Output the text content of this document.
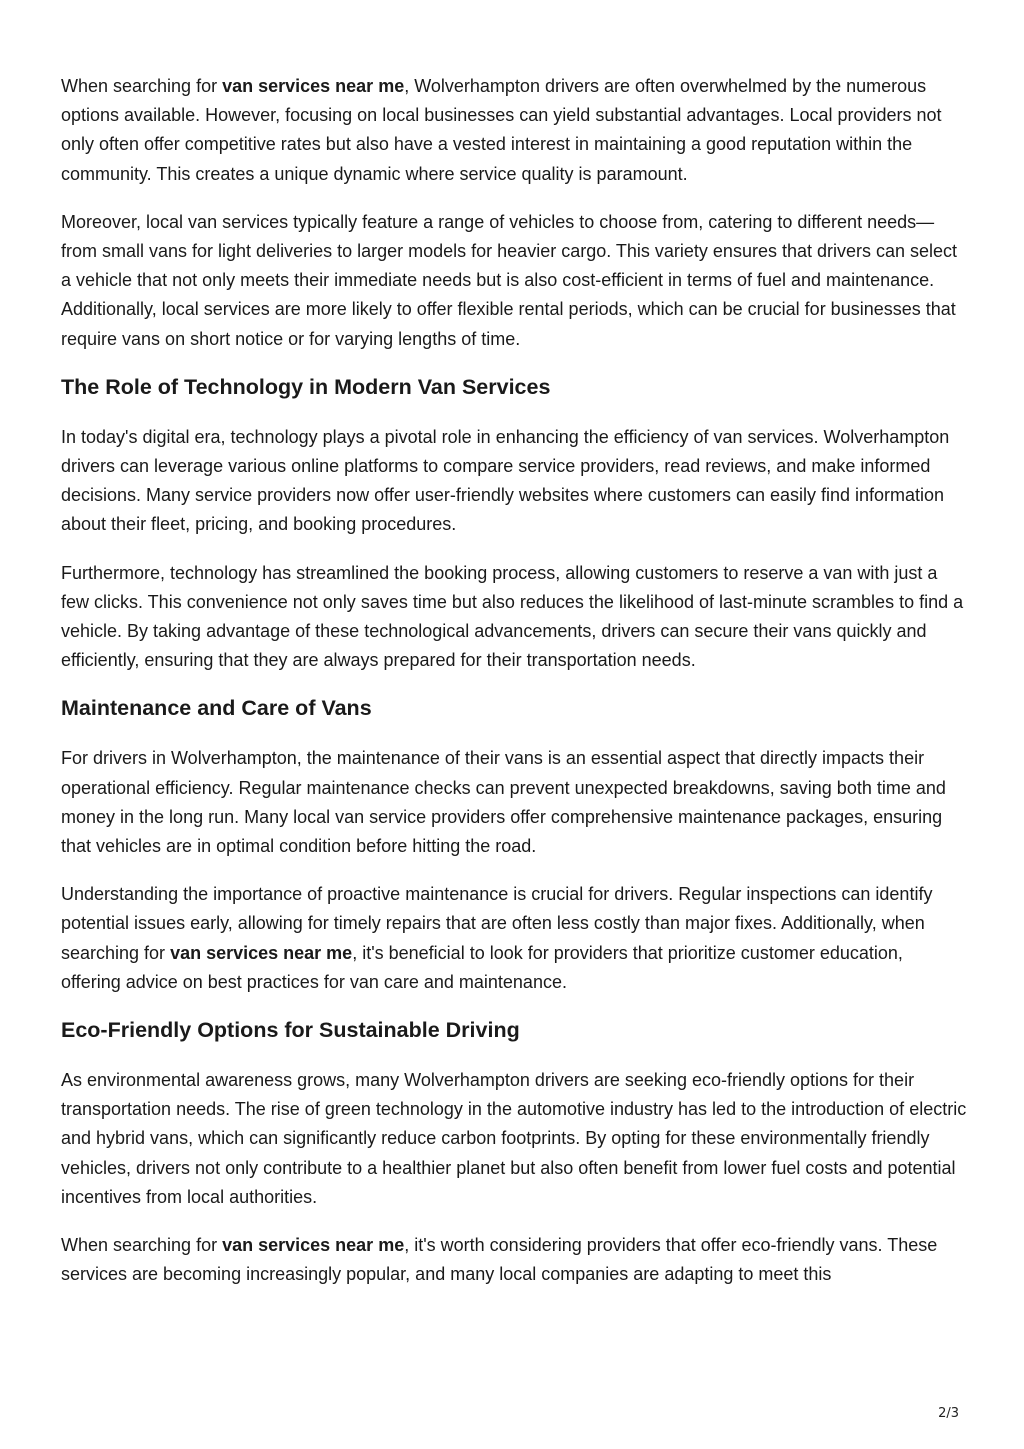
When searching for van services near me, Wolverhampton drivers are often overwhelmed by the numerous options available. However, focusing on local businesses can yield substantial advantages. Local providers not only often offer competitive rates but also have a vested interest in maintaining a good reputation within the community. This creates a unique dynamic where service quality is paramount.

Moreover, local van services typically feature a range of vehicles to choose from, catering to different needs—from small vans for light deliveries to larger models for heavier cargo. This variety ensures that drivers can select a vehicle that not only meets their immediate needs but is also cost-efficient in terms of fuel and maintenance. Additionally, local services are more likely to offer flexible rental periods, which can be crucial for businesses that require vans on short notice or for varying lengths of time.

The Role of Technology in Modern Van Services

In today's digital era, technology plays a pivotal role in enhancing the efficiency of van services. Wolverhampton drivers can leverage various online platforms to compare service providers, read reviews, and make informed decisions. Many service providers now offer user-friendly websites where customers can easily find information about their fleet, pricing, and booking procedures.

Furthermore, technology has streamlined the booking process, allowing customers to reserve a van with just a few clicks. This convenience not only saves time but also reduces the likelihood of last-minute scrambles to find a vehicle. By taking advantage of these technological advancements, drivers can secure their vans quickly and efficiently, ensuring that they are always prepared for their transportation needs.

Maintenance and Care of Vans

For drivers in Wolverhampton, the maintenance of their vans is an essential aspect that directly impacts their operational efficiency. Regular maintenance checks can prevent unexpected breakdowns, saving both time and money in the long run. Many local van service providers offer comprehensive maintenance packages, ensuring that vehicles are in optimal condition before hitting the road.

Understanding the importance of proactive maintenance is crucial for drivers. Regular inspections can identify potential issues early, allowing for timely repairs that are often less costly than major fixes. Additionally, when searching for van services near me, it's beneficial to look for providers that prioritize customer education, offering advice on best practices for van care and maintenance.

Eco-Friendly Options for Sustainable Driving

As environmental awareness grows, many Wolverhampton drivers are seeking eco-friendly options for their transportation needs. The rise of green technology in the automotive industry has led to the introduction of electric and hybrid vans, which can significantly reduce carbon footprints. By opting for these environmentally friendly vehicles, drivers not only contribute to a healthier planet but also often benefit from lower fuel costs and potential incentives from local authorities.

When searching for van services near me, it's worth considering providers that offer eco-friendly vans. These services are becoming increasingly popular, and many local companies are adapting to meet this

2/3
